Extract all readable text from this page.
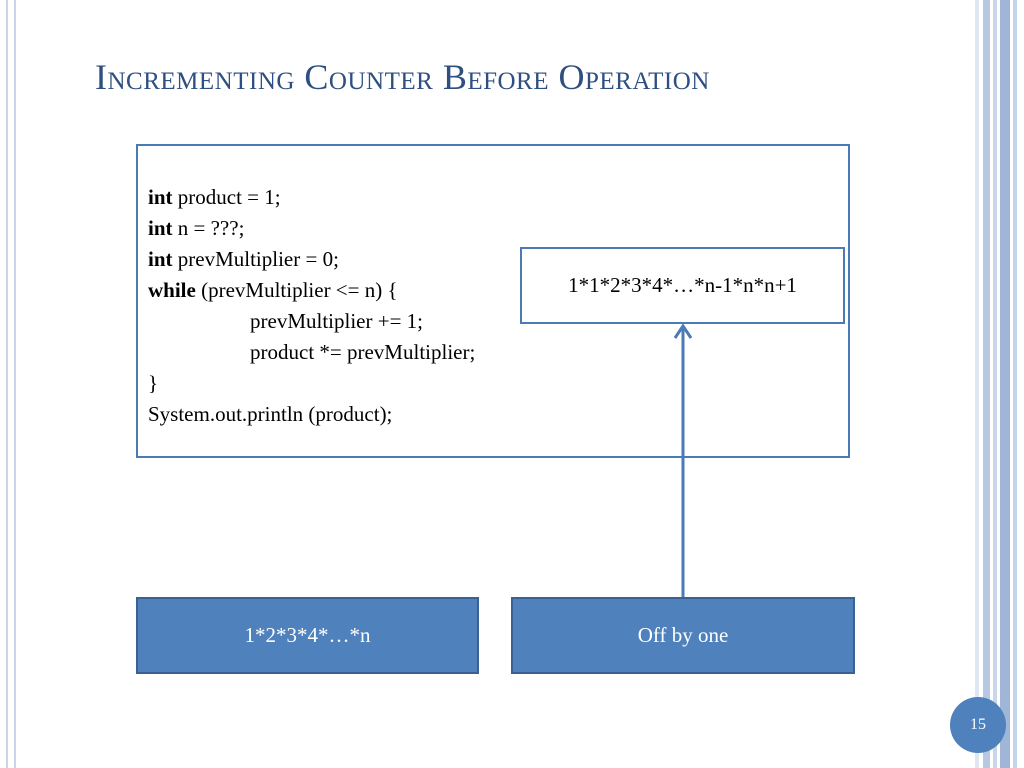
Incrementing Counter Before Operation
int product = 1;
int n = ???;
int prevMultiplier = 0;
while (prevMultiplier <= n) {
prevMultiplier += 1;
product *= prevMultiplier;
}
System.out.println (product);
1*1*2*3*4*…*n-1*n*n+1
1*2*3*4*…*n	Off by one
15
